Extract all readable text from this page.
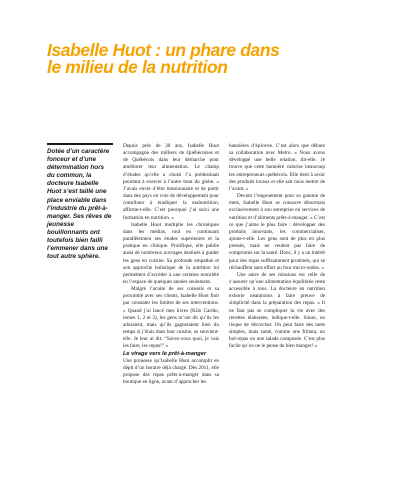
Isabelle Huot : un phare dans
le milieu de la nutrition
Dotée d’un caractère fonceur et d’une détermination hors du commun, la docteure Isabelle Huot s’est taillé une place enviable dans l’industrie du prêt-à-manger. Ses rêves de jeunesse bouillonnants ont toutefois bien failli l’emmener dans une tout autre sphère.

Depuis près de 30 ans, Isabelle Huot accompagne des milliers de Québécoises et de Québécois dans leur démarche pour améliorer leur alimentation. Le champ d’études qu’elle a choisi l’a prédestinait pourtant à exercer à l’autre bout du globe. « J’avais envie d’être missionnaire et de partir dans des pays en voie de développement pour contribuer à éradiquer la malnutrition, affirme-t-elle. C’est pourquoi j’ai suivi une formation en nutrition. »

Isabelle Huot multiplie les chroniques dans les médias, tout en continuant parallèlement ses études supérieures et la pratique en clinique. Prolifique, elle publie aussi de nombreux ouvrages destinés à guider les gens en cuisine. Sa profonde empathie et son approche holistique de la nutrition lui permettent d’accéder à une certaine notoriété en l’espace de quelques années seulement.

Malgré l’acuité de ses conseils et sa proximité avec ses clients, Isabelle Huot finit par constater les limites de ses interventions. « Quand j’ai lancé mes livres (Kilo Cardio, tomes 1, 2 et 3), les gens m’ont dit qu’ils les adoraient, mais qu’ils gagneraient bien du temps si j’étais dans leur cuisine, se souvient-elle. Je leur ai dit: “Savez-vous quoi, je vais les faire, les repas!” »

Le virage vers le prêt-à-manger

Une prouesse qu’Isabelle Huot accomplit en dépit d’un horaire déjà chargé. Dès 2011, elle propose des repas prêts-à-manger dans sa boutique en ligne, avant d’approcher les

bannières d’épicerie. C’est alors que débute sa collaboration avec Metro. « Nous avons développé une belle relation, dit-elle. Je trouve que cette bannière valorise beaucoup les entrepreneurs québécois. Elle tient à avoir des produits locaux et elle sait nous mettre de l’avant. »

Devant l’engouement pour sa gamme de mets, Isabelle Huot se consacre désormais exclusivement à son entreprise en services de nutrition et d’aliments prêts-à-manger. « C’est ce que j’aime le plus faire : développer des produits innovants, les commercialiser, ajoute-t-elle. Les gens sont de plus en plus pressés, mais ne veulent pas faire de compromis sur la santé. Donc, il y a un intérêt pour des repas suffisamment protéinés, qui se réchauffent sans effort au four micro-ondes. »

Une autre de ses missions est celle de s’assurer qu’une alimentation équilibrée reste accessible à tous. La docteure en nutrition exhorte néanmoins à faire preuve de simplicité dans la préparation des repas. « Il ne faut pas se compliquer la vie avec des recettes élaborées, indique-t-elle. Sinon, on risque de décrocher. On peut faire des mets simples, mais santé, comme une frittata, un bol-repas ou une salade composée. C’est plus facile qu’on ne le pense de bien manger! »
